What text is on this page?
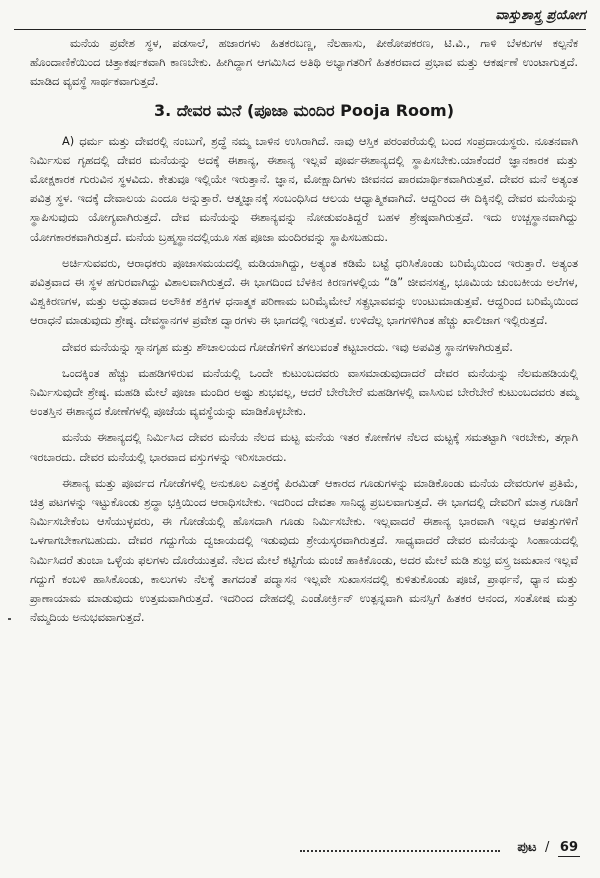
ವಾಸ್ತುಶಾಸ್ತ್ರ ಪ್ರಯೋಗ

ಮನೆಯ ಪ್ರವೇಶ ಸ್ಥಳ, ಪಡಸಾಲೆ, ಹಜಾರಗಳು ಹಿತಕರಬಣ್ಣ, ನೆಲಹಾಸು, ಪೀಠೋಪಕರಣ, ಟಿ.ವಿ., ಗಾಳಿ ಬೆಳಕುಗಳ ಕಲ್ಪನೆಕ ಹೊಂದಾಣಿಕೆಯಿಂದ ಚಿತ್ತಾಕರ್ಷಕವಾಗಿ ಕಾಣಬೇಕು. ಹೀಗಿದ್ದಾಗ ಆಗಮಿಸಿದ ಅತಿಥಿ ಅಭ್ಯಾಗತರಿಗೆ ಹಿತಕರವಾದ ಪ್ರಭಾವ ಮತ್ತು ಆಕರ್ಷಣೆ ಉಂಟಾಗುತ್ತದೆ. ಮಾಡಿದ ವ್ಯವಸ್ಥೆ ಸಾರ್ಥಕವಾಗುತ್ತದೆ.

3. ದೇವರ ಮನೆ (ಪೂಜಾ ಮಂದಿರ Pooja Room)

A) ಧರ್ಮ ಮತ್ತು ದೇವರಲ್ಲಿ ನಂಬುಗೆ, ಶ್ರದ್ಧೆ ನಮ್ಮ ಬಾಳಿನ ಉಸಿರಾಗಿದೆ. ನಾವು ಆಸ್ತಿಕ ಪರಂಪರೆಯಲ್ಲಿ ಬಂದ ಸಂಪ್ರದಾಯಸ್ಥರು. ನೂತನವಾಗಿ ನಿರ್ಮಿಸುವ ಗೃಹದಲ್ಲಿ ದೇವರ ಮನೆಯನ್ನು ಅದಕ್ಕೆ ಈಶಾನ್ಯ, ಈಶಾನ್ಯ ಇಲ್ಲವೆ ಪೂರ್ವಈಶಾನ್ಯದಲ್ಲಿ ಸ್ಥಾಪಿಸಬೇಕು.ಯಾಕೆಂದರೆ ಜ್ಞಾನಕಾರಕ ಮತ್ತು ಮೋಕ್ಷಕಾರಕ ಗುರುವಿನ ಸ್ಥಳವಿದು. ಕೇತುವೂ ಇಲ್ಲಿಯೇ ಇರುತ್ತಾನೆ. ಜ್ಞಾನ, ಮೋಕ್ಷಾದಿಗಳು ಜೀವನದ ಪಾರಮಾರ್ಥಿಕವಾಗಿರುತ್ತವೆ. ದೇವರ ಮನೆ ಅತ್ಯಂತ ಪವಿತ್ರ ಸ್ಥಳ. ಇದಕ್ಕೆ ದೇವಾಲಯ ಎಂದೂ ಅನ್ನುತ್ತಾರೆ. ಆತ್ಮಜ್ಞಾನಕ್ಕೆ ಸಂಬಂಧಿಸಿದ ಆಲಯ ಆಧ್ಯಾತ್ಮಿಕವಾಗಿದೆ. ಆದ್ದರಿಂದ ಈ ದಿಕ್ಕಿನಲ್ಲಿ ದೇವರ ಮನೆಯನ್ನು ಸ್ಥಾಪಿಸುವುದು ಯೋಗ್ಯವಾಗಿರುತ್ತದೆ. ದೇವ ಮನೆಯನ್ನು ಈಶಾನ್ಯವನ್ನು ನೋಡುವಂತಿದ್ದರೆ ಬಹಳ ಶ್ರೇಷ್ಠವಾಗಿರುತ್ತದೆ. ಇದು ಉಚ್ಚಸ್ಥಾನವಾಗಿದ್ದು ಯೋಗಕಾರಕವಾಗಿರುತ್ತದೆ. ಮನೆಯ ಬ್ರಹ್ಮಸ್ಥಾನದಲ್ಲಿಯೂ ಸಹ ಪೂಜಾ ಮಂದಿರವನ್ನು ಸ್ಥಾಪಿಸಬಹುದು.

ಅರ್ಚಿಸುವವರು, ಆರಾಧಕರು ಪೂಜಾಸಮಯದಲ್ಲಿ ಮಡಿಯಾಗಿದ್ದು, ಅತ್ಯಂತ ಕಡಿಮೆ ಬಟ್ಟೆ ಧರಿಸಿಕೊಂಡು ಬರಿಮೈಯಿಂದ ಇರುತ್ತಾರೆ. ಅತ್ಯಂತ ಪವಿತ್ರವಾದ ಈ ಸ್ಥಳ ಹಗುರವಾಗಿದ್ದು ವಿಶಾಲವಾಗಿರುತ್ತದೆ. ಈ ಭಾಗದಿಂದ ಬೆಳಕಿನ ಕಿರಣಗಳಲ್ಲಿಯ “ಡಿ” ಜೀವನಸತ್ವ, ಭೂಮಿಯ ಚುಂಬಕೀಯ ಅಲೆಗಳ, ವಿಶ್ವಕಿರಣಗಳ, ಮತ್ತು ಅದ್ಭುತವಾದ ಅಲೌಕಿಕ ಶಕ್ತಿಗಳ ಧನಾತ್ಮಕ ಪರಿಣಾಮ ಬರಿಮೈಮೇಲೆ ಸತ್ಪ್ರಭಾವವನ್ನು ಉಂಟುಮಾಡುತ್ತವೆ. ಆದ್ದರಿಂದ ಬರಿಮೈಯಿಂದ ಆರಾಧನೆ ಮಾಡುವುದು ಶ್ರೇಷ್ಠ. ದೇವಸ್ಥಾನಗಳ ಪ್ರವೇಶ ದ್ವಾರಗಳು ಈ ಭಾಗದಲ್ಲಿ ಇರುತ್ತವೆ. ಉಳಿದೆಲ್ಲ ಭಾಗಗಳಿಗಿಂತ ಹೆಚ್ಚು ಖಾಲಿಜಾಗ ಇಲ್ಲಿರುತ್ತದೆ.

ದೇವರ ಮನೆಯನ್ನು ಸ್ನಾನಗೃಹ ಮತ್ತು ಶೌಚಾಲಯದ ಗೋಡೆಗಳಿಗೆ ತಗಲುವಂತೆ ಕಟ್ಟಬಾರದು. ಇವು ಅಪವಿತ್ರ ಸ್ಥಾನಗಳಾಗಿರುತ್ತವೆ.

ಒಂದಕ್ಕಿಂತ ಹೆಚ್ಚು ಮಹಡಿಗಳಿರುವ ಮನೆಯಲ್ಲಿ ಒಂದೇ ಕುಟುಂಬದವರು ವಾಸಮಾಡುವುದಾದರೆ ದೇವರ ಮನೆಯನ್ನು ನೆಲಮಹಡಿಯಲ್ಲಿ ನಿರ್ಮಿಸುವುದೇ ಶ್ರೇಷ್ಠ. ಮಹಡಿ ಮೇಲೆ ಪೂಜಾ ಮಂದಿರ ಅಷ್ಟು ಶುಭವಲ್ಲ, ಆದರೆ ಬೇರೆಬೇರೆ ಮಹಡಿಗಳಲ್ಲಿ ವಾಸಿಸುವ ಬೇರೆಬೇರೆ ಕುಟುಂಬದವರು ತಮ್ಮ ಅಂತಸ್ತಿನ ಈಶಾನ್ಯದ ಕೋಣೆಗಳಲ್ಲಿ ಪೂಜೆಯ ವ್ಯವಸ್ಥೆಯನ್ನು ಮಾಡಿಕೊಳ್ಳಬೇಕು.

ಮನೆಯ ಈಶಾನ್ಯದಲ್ಲಿ ನಿರ್ಮಿಸಿದ ದೇವರ ಮನೆಯ ನೆಲದ ಮಟ್ಟ ಮನೆಯ ಇತರ ಕೋಣೆಗಳ ನೆಲದ ಮಟ್ಟಕ್ಕೆ ಸಮತಟ್ಟಾಗಿ ಇರಬೇಕು, ತಗ್ಗಾಗಿ ಇರಬಾರದು. ದೇವರ ಮನೆಯಲ್ಲಿ ಭಾರವಾದ ವಸ್ತುಗಳನ್ನು ಇರಿಸಬಾರದು.

ಈಶಾನ್ಯ ಮತ್ತು ಪೂರ್ವದ ಗೋಡೆಗಳಲ್ಲಿ ಅನುಕೂಲ ಎತ್ತರಕ್ಕೆ ಪಿರಮಿಡ್ ಆಕಾರದ ಗೂಡುಗಳನ್ನು ಮಾಡಿಕೊಂಡು ಮನೆಯ ದೇವರುಗಳ ಪ್ರತಿಮೆ, ಚಿತ್ರ ಪಟಗಳನ್ನು ಇಟ್ಟುಕೊಂಡು ಶ್ರದ್ಧಾ ಭಕ್ತಿಯಿಂದ ಆರಾಧಿಸಬೇಕು. ಇದರಿಂದ ದೇವತಾ ಸಾನಿಧ್ಯ ಪ್ರಬಲವಾಗುತ್ತದೆ. ಈ ಭಾಗದಲ್ಲಿ ದೇವರಿಗೆ ಮಾತ್ರ ಗೂಡಿಗೆ ನಿರ್ಮಿಸಬೇಕೆಂಬ ಆಸೆಯುಳ್ಳವರು, ಈ ಗೋಡೆಯಲ್ಲಿ ಹೊಸದಾಗಿ ಗೂಡು ನಿರ್ಮಿಸಬೇಕು. ಇಲ್ಲವಾದರೆ ಈಶಾನ್ಯ ಭಾರವಾಗಿ ಇಲ್ಲದ ಆಪತ್ತುಗಳಿಗೆ ಒಳಗಾಗಬೇಕಾಗಬಹುದು. ದೇವರ ಗದ್ದುಗೆಯ ದ್ವಜಾಯದಲ್ಲಿ ಇಡುವುದು ಶ್ರೇಯಸ್ಕರವಾಗಿರುತ್ತದೆ. ಸಾಧ್ಯವಾದರೆ ದೇವರ ಮನೆಯನ್ನು ಸಿಂಹಾಯದಲ್ಲಿ ನಿರ್ಮಿಸಿದರೆ ತುಂಬಾ ಒಳ್ಳೆಯ ಫಲಗಳು ದೊರೆಯುತ್ತವೆ. ನೆಲದ ಮೇಲೆ ಕಟ್ಟಿಗೆಯ ಮಂಚೆ ಹಾಕಿಕೊಂಡು, ಅದರ ಮೇಲೆ ಮಡಿ ಶುಭ್ರ ವಸ್ತ್ರ ಜಮಖಾನ ಇಲ್ಲವೆ ಗದ್ದುಗೆ ಕಂಬಳಿ ಹಾಸಿಕೊಂಡು, ಕಾಲುಗಳು ನೆಲಕ್ಕೆ ತಾಗದಂತೆ ಪದ್ಮಾಸನ ಇಲ್ಲವೇ ಸುಖಾಸನದಲ್ಲಿ ಕುಳಿತುಕೊಂಡು ಪೂಜೆ, ಪ್ರಾರ್ಥನೆ, ಧ್ಯಾನ ಮತ್ತು ಪ್ರಾಣಾಯಾಮ ಮಾಡುವುದು ಉತ್ತಮವಾಗಿರುತ್ತದೆ. ಇದರಿಂದ ದೇಹದಲ್ಲಿ ಎಂಡೋರ್ಕ್ರಿನ್ ಉತ್ಪನ್ನವಾಗಿ ಮನಸ್ಸಿಗೆ ಹಿತಕರ ಆನಂದ, ಸಂತೋಷ ಮತ್ತು ನೆಮ್ಮದಿಯ ಅನುಭವವಾಗುತ್ತದೆ.

ಪುಟ / 69
